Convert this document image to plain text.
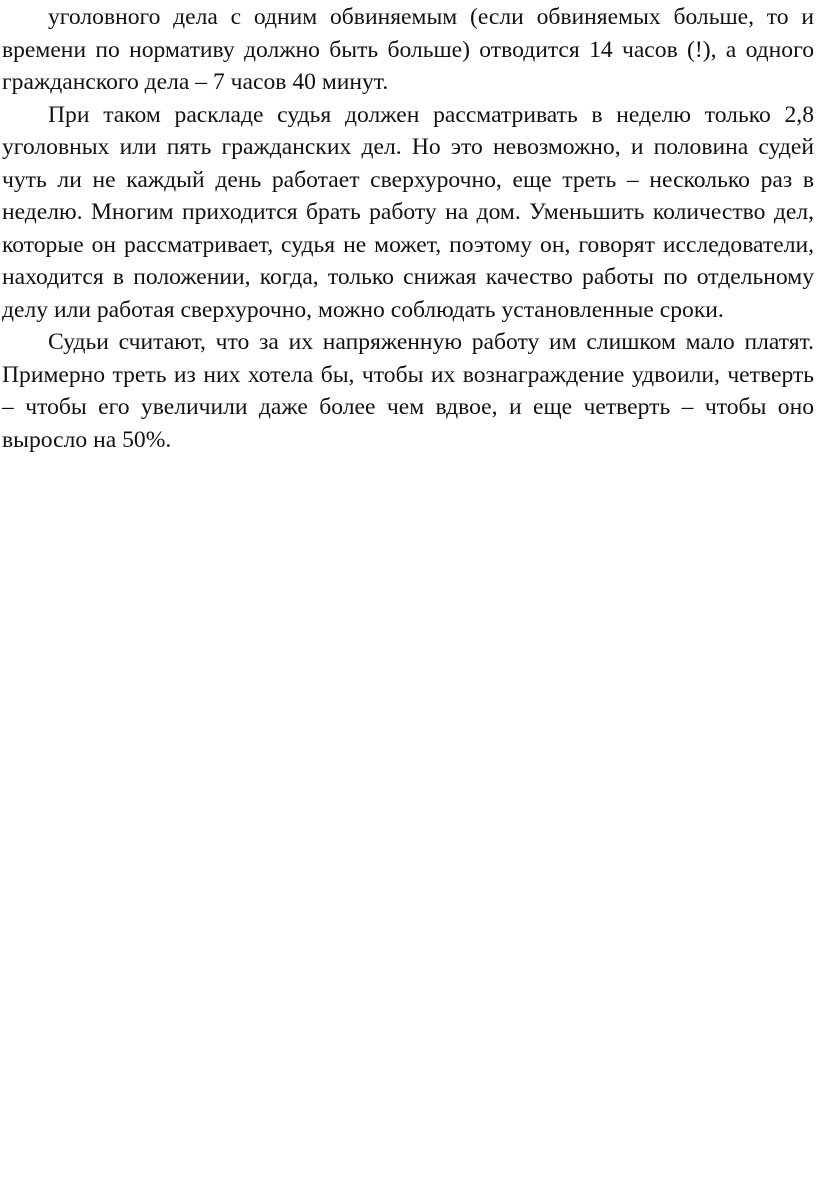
уголовного дела с одним обвиняемым (если обвиняемых больше, то и времени по нормативу должно быть больше) отводится 14 часов (!), а одного гражданского дела – 7 часов 40 минут.

При таком раскладе судья должен рассматривать в неделю только 2,8 уголовных или пять гражданских дел. Но это невозможно, и половина судей чуть ли не каждый день работает сверхурочно, еще треть – несколько раз в неделю. Многим приходится брать работу на дом. Уменьшить количество дел, которые он рассматривает, судья не может, поэтому он, говорят исследователи, находится в положении, когда, только снижая качество работы по отдельному делу или работая сверхурочно, можно соблюдать установленные сроки.

Судьи считают, что за их напряженную работу им слишком мало платят. Примерно треть из них хотела бы, чтобы их вознаграждение удвоили, четверть – чтобы его увеличили даже более чем вдвое, и еще четверть – чтобы оно выросло на 50%.
